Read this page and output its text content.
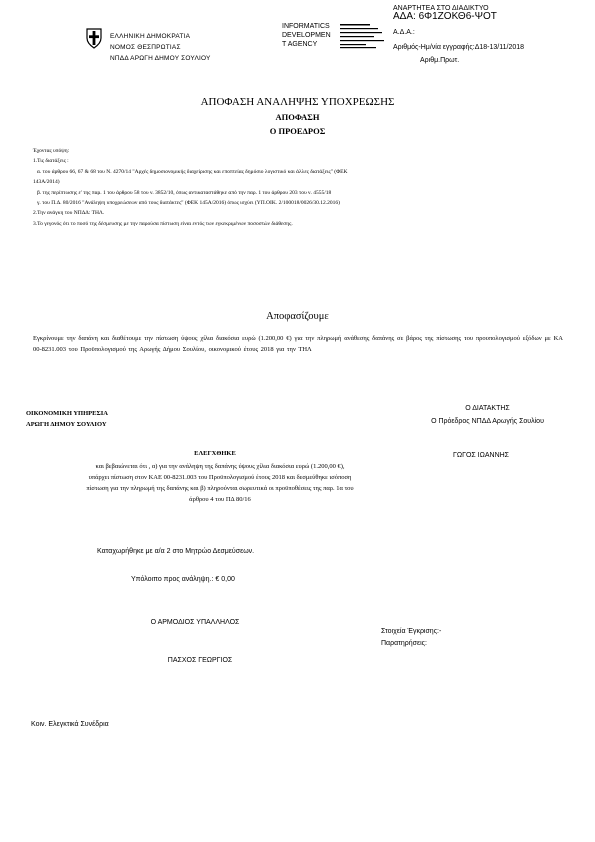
ΕΛΛΗΝΙΚΗ ΔΗΜΟΚΡΑΤΙΑ
ΝΟΜΟΣ ΘΕΣΠΡΩΤΙΑΣ
ΝΠΔΔ ΑΡΩΓΗ ΔΗΜΟΥ ΣΟΥΛΙΟΥ
INFORMATICS
DEVELOPMEN
T AGENCY
ΑΝΑΡΤΗΤΕΑ ΣΤΟ ΔΙΑΔΙΚΤΥΟ
ΑΔΑ: 6Φ1ΖΟΚΘ6-ΨΟΤ
Α.Δ.Α.:
Αριθμός-Ημ/νία εγγραφής:Δ18-13/11/2018
Αριθμ.Πρωτ.
ΑΠΟΦΑΣΗ ΑΝΑΛΗΨΗΣ ΥΠΟΧΡΕΩΣΗΣ
ΑΠΟΦΑΣΗ
Ο ΠΡΟΕΔΡΟΣ
Έχοντας υπόψη:
1.Τις διατάξεις :
α. του άρθρου 66, 67 & 68 του Ν. 4270/14 "Αρχές δημοσιονομικής διαχείρισης και εποπτείας δημόσιο λογιστικό και άλλες διατάξεις" (ΦΕΚ
143Α/2014)
β. της περίπτωσης ε' της παρ. 1 του άρθρου 58 του ν. 3852/10, όπως αντικαταστάθηκε από την παρ. 1 του άρθρου 203 του ν. 4555/18
γ. του Π.Δ. 80/2016 "Ανάληψη υποχρεώσεων από τους διατάκτες" (ΦΕΚ 145Α/2016) όπως ισχύει (ΥΠ.ΟΙΚ. 2/100018/0026/30.12.2016)
2.Την ανάγκη του ΝΠΔΔ: ΤΗΛ.
3.Το γεγονός ότι το ποσό της δέσμευσης με την παρούσα πίστωση είναι εντός των εγκεκριμένων ποσοστών διάθεσης.
Αποφασίζουμε
Εγκρίνουμε την δαπάνη και διαθέτουμε την πίστωση ύψους χίλια διακόσια ευρώ (1.200,00 €) για την πληρωμή ανάθεσης δαπάνης σε βάρος της πίστωσης του προυπολογισμού εξόδων με ΚΑ 00-8231.003 του Προϋπολογισμού της Αρωγής Δήμου Σουλίου, οικονομικού έτους 2018 για την ΤΗΛ
ΟΙΚΟΝΟΜΙΚΗ ΥΠΗΡΕΣΙΑ
ΑΡΩΓΗ ΔΗΜΟΥ ΣΟΥΛΙΟΥ
Ο ΔΙΑΤΑΚΤΗΣ
Ο Πρόεδρος ΝΠΔΔ Αρωγής Σουλίου
ΓΩΓΟΣ ΙΩΑΝΝΗΣ
ΕΛΕΓΧΘΗΚΕ
και βεβαιώνεται ότι , α) για την ανάληψη της δαπάνης ύψους χίλια διακόσια ευρώ (1.200,00 €),
υπάρχει πίστωση στον ΚΑΕ 00-8231.003 του Προϋπολογισμού έτους 2018 και δεσμεύθηκε ισόποση
πίστωση για την πληρωμή της δαπάνης και β) πληρούνται σωρευτικά οι προϋποθέσεις της παρ. 1α του
άρθρου 4 του ΠΔ 80/16
Καταχωρήθηκε με α/α 2 στο Μητρώο Δεσμεύσεων.
Υπόλοιπο προς ανάληψη.: € 0,00
Ο ΑΡΜΟΔΙΟΣ ΥΠΑΛΛΗΛΟΣ
ΠΑΣΧΟΣ ΓΕΩΡΓΙΟΣ
Στοιχεία Έγκρισης:-
Παρατηρήσεις:
Κοιν. Ελεγκτικά Συνέδρια
